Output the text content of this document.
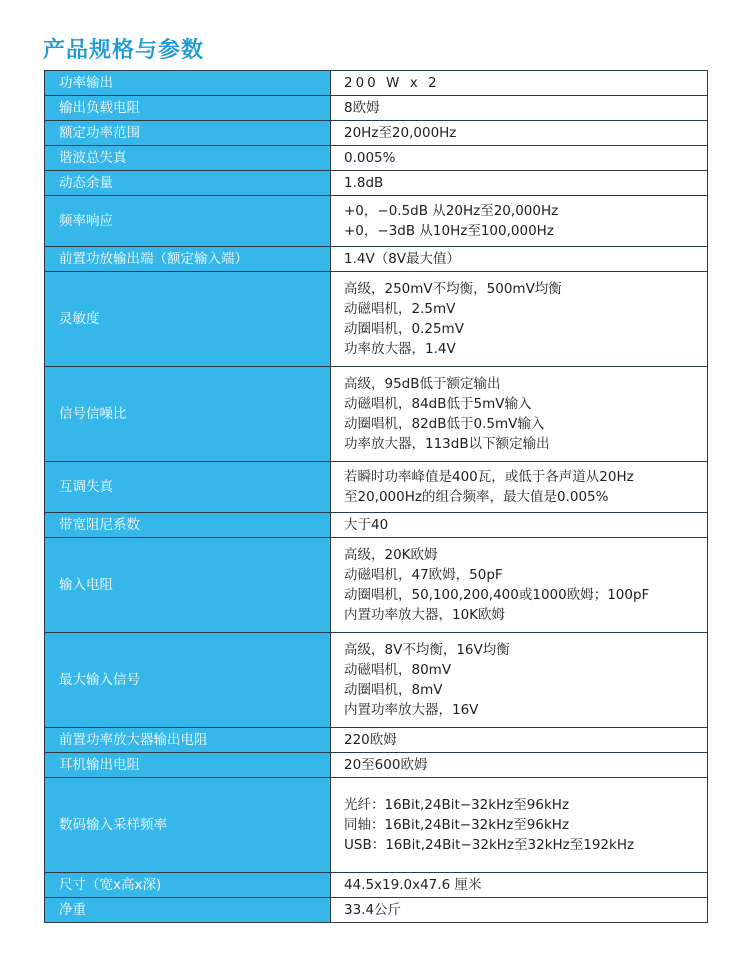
产品规格与参数
功率输出	200 W x 2

输出负载电阻	8欧姆

额定功率范围	20Hz至20,000Hz

谐波总失真	0.005%

动态余量	1.8dB

频率响应	+0，−0.5dB 从20Hz至20,000Hz
+0，−3dB 从10Hz至100,000Hz

前置功放输出端（额定输入端）	1.4V（8V最大值）

灵敏度	高级，250mV不均衡，500mV均衡
动磁唱机，2.5mV
动圈唱机，0.25mV
功率放大器，1.4V

信号信噪比	高级，95dB低于额定输出
动磁唱机，84dB低于5mV输入
动圈唱机，82dB低于0.5mV输入
功率放大器，113dB以下额定输出

互调失真	若瞬时功率峰值是400瓦，或低于各声道从20Hz
至20,000Hz的组合频率，最大值是0.005%

带宽阻尼系数	大于40

输入电阻	高级，20K欧姆
动磁唱机，47欧姆，50pF
动圈唱机，50,100,200,400或1000欧姆；100pF
内置功率放大器，10K欧姆

最大输入信号	高级，8V不均衡，16V均衡
动磁唱机，80mV
动圈唱机，8mV
内置功率放大器，16V

前置功率放大器输出电阻	220欧姆

耳机输出电阻	20至600欧姆

数码输入采样频率	光纤：16Bit,24Bit−32kHz至96kHz
同轴：16Bit,24Bit−32kHz至96kHz
USB：16Bit,24Bit−32kHz至32kHz至192kHz

尺寸（宽x高x深)	44.5x19.0x47.6 厘米

净重	33.4公斤
